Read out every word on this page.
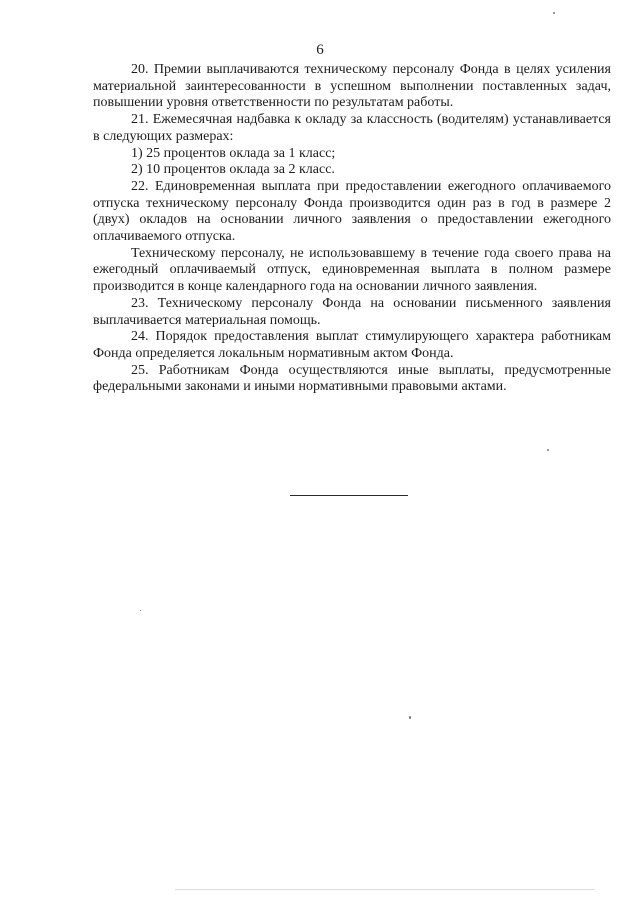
6

20. Премии выплачиваются техническому персоналу Фонда в целях усиления материальной заинтересованности в успешном выполнении поставленных задач, повышении уровня ответственности по результатам работы.

21. Ежемесячная надбавка к окладу за классность (водителям) устанавливается в следующих размерах:

1) 25 процентов оклада за 1 класс;

2) 10 процентов оклада за 2 класс.

22. Единовременная выплата при предоставлении ежегодного оплачиваемого отпуска техническому персоналу Фонда производится один раз в год в размере 2 (двух) окладов на основании личного заявления о предоставлении ежегодного оплачиваемого отпуска.

Техническому персоналу, не использовавшему в течение года своего права на ежегодный оплачиваемый отпуск, единовременная выплата в полном размере производится в конце календарного года на основании личного заявления.

23. Техническому персоналу Фонда на основании письменного заявления выплачивается материальная помощь.

24. Порядок предоставления выплат стимулирующего характера работникам Фонда определяется локальным нормативным актом Фонда.

25. Работникам Фонда осуществляются иные выплаты, предусмотренные федеральными законами и иными нормативными правовыми актами.
